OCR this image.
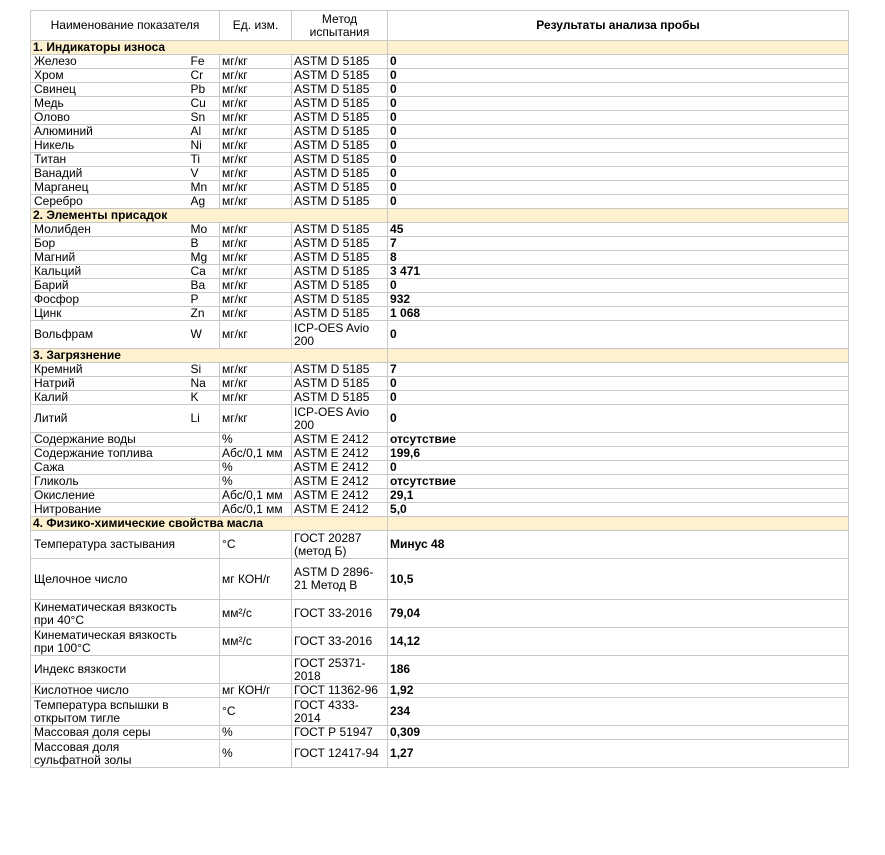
Наименование показателя		Ед. изм.	Метод испытания	Результаты анализа пробы
1. Индикаторы износа				
Железо	Fe	мг/кг	ASTM D 5185	0
Хром	Cr	мг/кг	ASTM D 5185	0
Свинец	Pb	мг/кг	ASTM D 5185	0
Медь	Cu	мг/кг	ASTM D 5185	0
Олово	Sn	мг/кг	ASTM D 5185	0
Алюминий	Al	мг/кг	ASTM D 5185	0
Никель	Ni	мг/кг	ASTM D 5185	0
Титан	Ti	мг/кг	ASTM D 5185	0
Ванадий	V	мг/кг	ASTM D 5185	0
Марганец	Mn	мг/кг	ASTM D 5185	0
Серебро	Ag	мг/кг	ASTM D 5185	0
2. Элементы присадок				
Молибден	Mo	мг/кг	ASTM D 5185	45
Бор	B	мг/кг	ASTM D 5185	7
Магний	Mg	мг/кг	ASTM D 5185	8
Кальций	Ca	мг/кг	ASTM D 5185	3 471
Барий	Ba	мг/кг	ASTM D 5185	0
Фосфор	P	мг/кг	ASTM D 5185	932
Цинк	Zn	мг/кг	ASTM D 5185	1 068
Вольфрам	W	мг/кг	ICP-OES Avio 200	0
3. Загрязнение				
Кремний	Si	мг/кг	ASTM D 5185	7
Натрий	Na	мг/кг	ASTM D 5185	0
Калий	K	мг/кг	ASTM D 5185	0
Литий	Li	мг/кг	ICP-OES Avio 200	0
Содержание воды		%	ASTM E 2412	отсутствие
Содержание топлива		Абс/0,1 мм	ASTM E 2412	199,6
Сажа		%	ASTM E 2412	0
Гликоль		%	ASTM E 2412	отсутствие
Окисление		Абс/0,1 мм	ASTM E 2412	29,1
Нитрование		Абс/0,1 мм	ASTM E 2412	5,0
4. Физико-химические свойства масла				
Температура застывания		°С	ГОСТ 20287 (метод Б)	Минус 48
Щелочное число		мг КОН/г	ASTM D 2896-21 Метод В	10,5
Кинематическая вязкость при 40°С		мм²/с	ГОСТ 33-2016	79,04
Кинематическая вязкость при 100°С		мм²/с	ГОСТ 33-2016	14,12
Индекс вязкости			ГОСТ 25371-2018	186
Кислотное число		мг КОН/г	ГОСТ 11362-96	1,92
Температура вспышки в открытом тигле		°С	ГОСТ 4333-2014	234
Массовая доля серы		%	ГОСТ Р 51947	0,309
Массовая доля сульфатной золы		%	ГОСТ 12417-94	1,27
